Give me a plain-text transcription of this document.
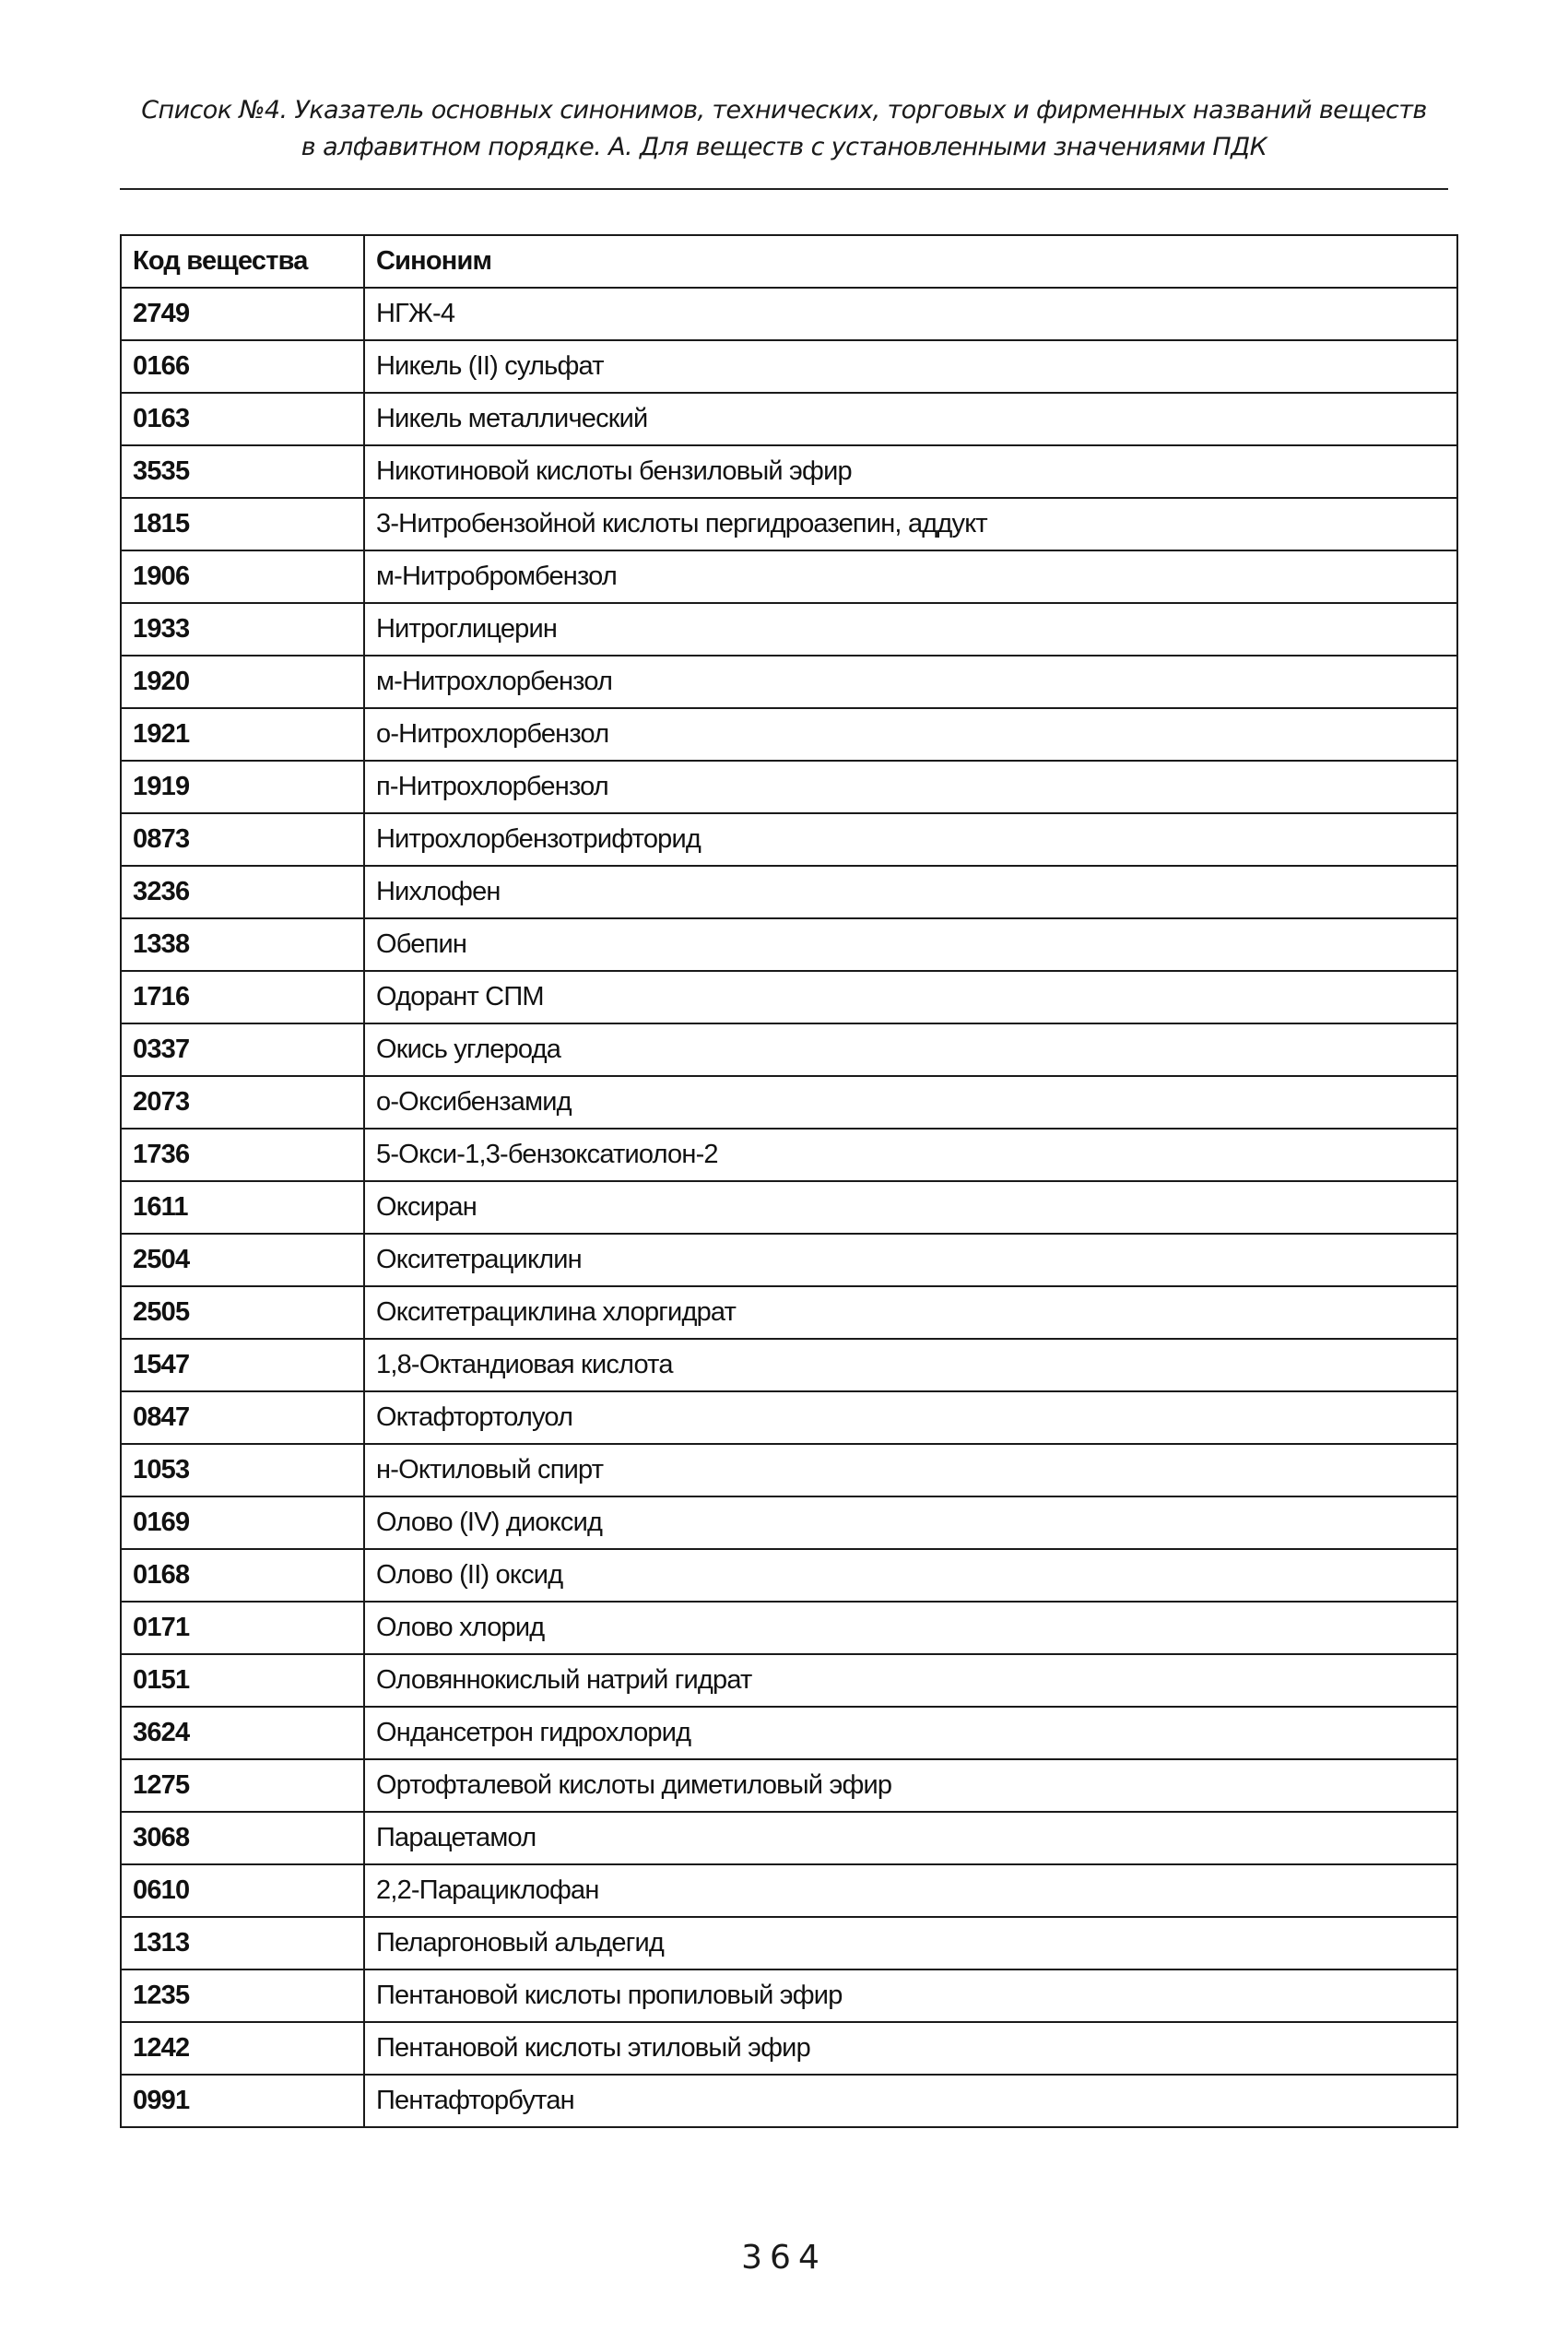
Список №4. Указатель основных синонимов, технических, торговых и фирменных названий веществ
в алфавитном порядке. А. Для веществ с установленными значениями ПДК
Код вещества	Синоним
2749	НГЖ-4
0166	Никель (II) сульфат
0163	Никель металлический
3535	Никотиновой кислоты бензиловый эфир
1815	3-Нитробензойной кислоты пергидроазепин, аддукт
1906	м-Нитробромбензол
1933	Нитроглицерин
1920	м-Нитрохлорбензол
1921	о-Нитрохлорбензол
1919	п-Нитрохлорбензол
0873	Нитрохлорбензотрифторид
3236	Нихлофен
1338	Обепин
1716	Одорант СПМ
0337	Окись углерода
2073	о-Оксибензамид
1736	5-Окси-1,3-бензоксатиолон-2
1611	Оксиран
2504	Окситетрациклин
2505	Окситетрациклина хлоргидрат
1547	1,8-Октандиовая кислота
0847	Октафтортолуол
1053	н-Октиловый спирт
0169	Олово (IV) диоксид
0168	Олово (II) оксид
0171	Олово хлорид
0151	Оловяннокислый натрий гидрат
3624	Ондансетрон гидрохлорид
1275	Ортофталевой кислоты диметиловый эфир
3068	Парацетамол
0610	2,2-Парациклофан
1313	Пеларгоновый альдегид
1235	Пентановой кислоты пропиловый эфир
1242	Пентановой кислоты этиловый эфир
0991	Пентафторбутан
364
